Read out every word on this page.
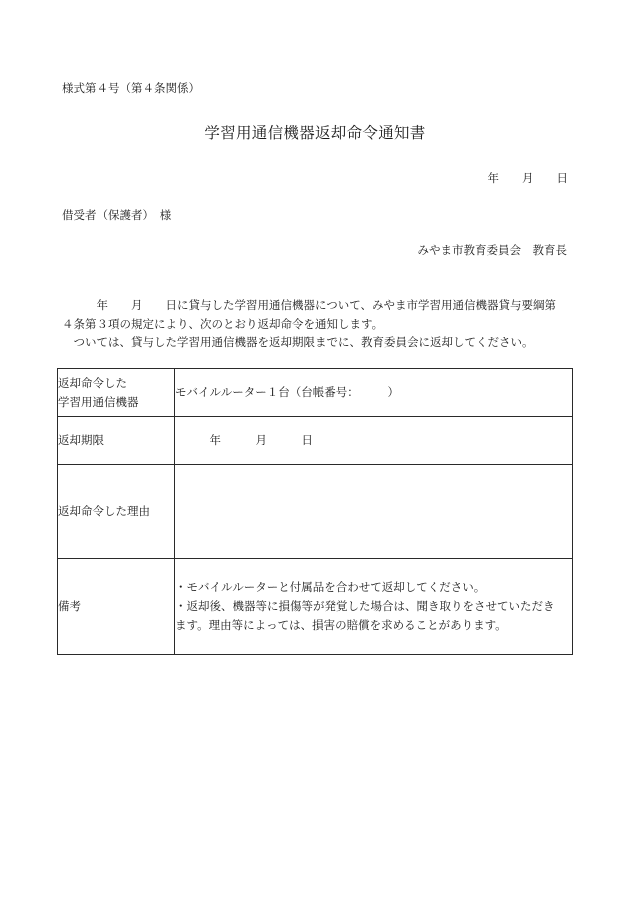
様式第４号（第４条関係）
学習用通信機器返却命令通知書
年　　月　　日
借受者（保護者）　様
みやま市教育委員会　教育長
　　　年　　月　　日に貸与した学習用通信機器について、みやま市学習用通信機器貸与要綱第
４条第３項の規定により、次のとおり返却命令を通知します。
　ついては、貸与した学習用通信機器を返却期限までに、教育委員会に返却してください。
返却命令した
学習用通信機器	モバイルルーター１台（台帳番号：　　　）

返却期限	　　　年　　　月　　　日

返却命令した理由	

備考	・モバイルルーターと付属品を合わせて返却してください。
・返却後、機器等に損傷等が発覚した場合は、聞き取りをさせていただき
ます。理由等によっては、損害の賠償を求めることがあります。
